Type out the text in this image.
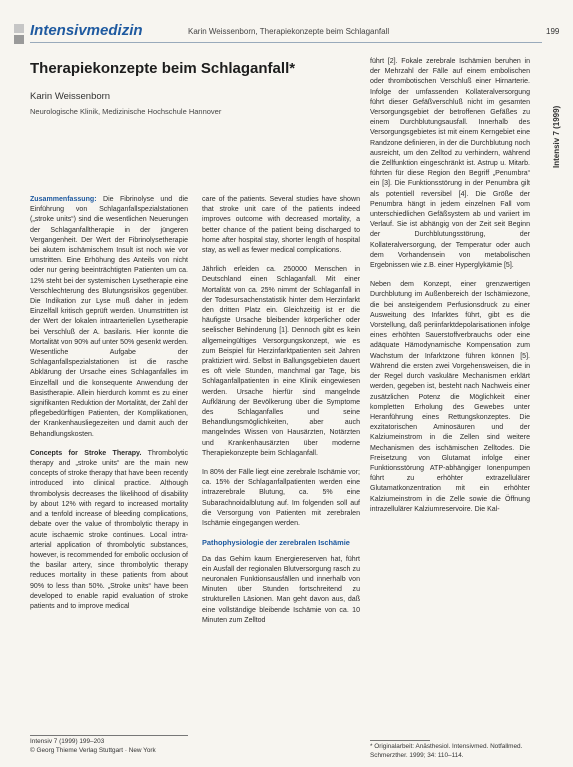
Intensivmedizin	Karin Weissenborn, Therapiekonzepte beim Schlaganfall	199
Intensiv 7 (1999)
Therapiekonzepte beim Schlaganfall*
Karin Weissenborn
Neurologische Klinik, Medizinische Hochschule Hannover

Zusammenfassung: Die Fibrinolyse und die Einführung von Schlaganfallspezialstationen („stroke units“) sind die wesentlichen Neuerungen der Schlaganfalltherapie in der jüngeren Vergangenheit. Der Wert der Fibrinolysetherapie bei akutem ischämischem Insult ist noch wie vor umstritten. Eine Erhöhung des Anteils von nicht oder nur gering beeinträchtigten Patienten um ca. 12% steht bei der systemischen Lysetherapie eine Verschlechterung des Blutungsrisikos gegenüber. Die Indikation zur Lyse muß daher in jedem Einzelfall kritisch geprüft werden. Unumstritten ist der Wert der lokalen intraarteriellen Lysetherapie bei Verschluß der A. basilaris. Hier konnte die Mortalität von 90% auf unter 50% gesenkt werden. Wesentliche Aufgabe der Schlaganfallspezialstationen ist die rasche Abklärung der Ursache eines Schlaganfalles im Einzelfall und die konsequente Anwendung der Basistherapie. Allein hierdurch kommt es zu einer signifikanten Reduktion der Mortalität, der Zahl der pflegebedürftigen Patienten, der Komplikationen, der Krankenhausliegezeiten und damit auch der Behandlungskosten.

Concepts for Stroke Therapy. Thrombolytic therapy and „stroke units“ are the main new concepts of stroke therapy that have been recently introduced into clinical practice. Although thrombolysis decreases the likelihood of disability by about 12% with regard to increased mortality and a tenfold increase of bleeding complications, debate over the value of thrombolytic therapy in acute ischaemic stroke continues. Local intra-arterial application of thrombolytic substances, however, is recommended for embolic occlusion of the basilar artery, since thrombolytic therapy reduces mortality in these patients from about 90% to less than 50%. „Stroke units“ have been developed to enable rapid evaluation of stroke patients and to improve medical

care of the patients. Several studies have shown that stroke unit care of the patients indeed improves outcome with decreased mortality, a better chance of the patient being discharged to home after hospital stay, shorter length of hospital stay, as well as fewer medical complications.

Jährlich erleiden ca. 250000 Menschen in Deutschland einen Schlaganfall. Mit einer Mortalität von ca. 25% nimmt der Schlaganfall in der Todesursachenstatistik hinter dem Herzinfarkt den dritten Platz ein. Gleichzeitig ist er die häufigste Ursache bleibender körperlicher oder seelischer Behinderung [1]. Dennoch gibt es kein allgemeingültiges Versorgungskonzept, wie es zum Beispiel für Herzinfarktpatienten seit Jahren praktiziert wird. Selbst in Ballungsgebieten dauert es oft viele Stunden, manchmal gar Tage, bis Schlaganfallpatienten in eine Klinik eingewiesen werden. Ursache hierfür sind mangelnde Aufklärung der Bevölkerung über die Symptome des Schlaganfalles und seine Behandlungsmöglichkeiten, aber auch mangelndes Wissen von Hausärzten, Notärzten und Krankenhausärzten über moderne Therapiekonzepte beim Schlaganfall.

In 80% der Fälle liegt eine zerebrale Ischämie vor; ca. 15% der Schlaganfallpatienten werden eine intrazerebrale Blutung, ca. 5% eine Subarachnoidalblutung auf. Im folgenden soll auf die Versorgung von Patienten mit zerebralen Ischämie eingegangen werden.

Pathophysiologie der zerebralen Ischämie

Da das Gehirn kaum Energiereserven hat, führt ein Ausfall der regionalen Blutversorgung rasch zu neuronalen Funktionsausfällen und innerhalb von Minuten über Stunden fortschreitend zu strukturellen Läsionen. Man geht davon aus, daß eine vollständige bleibende Ischämie von ca. 10 Minuten zum Zelltod

führt [2]. Fokale zerebrale Ischämien beruhen in der Mehrzahl der Fälle auf einem embolischen oder thrombotischen Verschluß einer Hirnarterie. Infolge der umfassenden Kollateralversorgung führt dieser Gefäßverschluß nicht im gesamten Versorgungsgebiet der betroffenen Gefäßes zu einem Durchblutungsausfall. Innerhalb des Versorgungsgebietes ist mit einem Kerngebiet eine Randzone definieren, in der die Durchblutung noch ausreicht, um den Zelltod zu verhindern, während die Zellfunktion eingeschränkt ist. Astrup u. Mitarb. führten für diese Region den Begriff „Penumbra“ ein [3]. Die Funktionsstörung in der Penumbra gilt als potentiell reversibel [4]. Die Größe der Penumbra hängt in jedem einzelnen Fall vom unterschiedlichen Gefäßsystem ab und variiert im Verlauf. Sie ist abhängig von der Zeit seit Beginn der Durchblutungsstörung, der Kollateralversorgung, der Temperatur oder auch dem Vorhandensein von metabolischen Ergebnissen wie z.B. einer Hyperglykämie [5].

Neben dem Konzept, einer grenzwertigen Durchblutung im Außenbereich der Ischämiezone, die bei ansteigendem Perfusionsdruck zu einer Ausweitung des Infarktes führt, gibt es die Vorstellung, daß periinfarktdepolarisationen infolge eines erhöhten Sauerstoffverbrauchs oder eine adäquate Hämodynamische Kompensation zum Wachstum der Infarktzone führen können [5]. Während die ersten zwei Vorgehensweisen, die in der Regel durch vaskuläre Mechanismen erklärt werden, gegeben ist, besteht nach Nachweis einer zusätzlichen Potenz die Möglichkeit einer kompletten Erholung des Gewebes unter Heranführung eines Rettungskonzeptes. Die exzitatorischen Aminosäuren und der Kalziumeinstrom in die Zellen sind weitere Mechanismen des ischämischen Zelltodes. Die Freisetzung von Glutamat infolge einer Funktionsstörung ATP-abhängiger Ionenpumpen führt zu erhöhter extrazellulärer Glutamatkonzentration mit ein erhöhter Kalziumeinstrom in die Zelle sowie die Öffnung intrazellulärer Kalziumreservoire. Die Kal-

Intensiv 7 (1999) 199–203
© Georg Thieme Verlag Stuttgart · New York
* Originalarbeit: Anästhesiol. Intensivmed. Notfallmed. Schmerzther. 1999; 34: 110–114.
